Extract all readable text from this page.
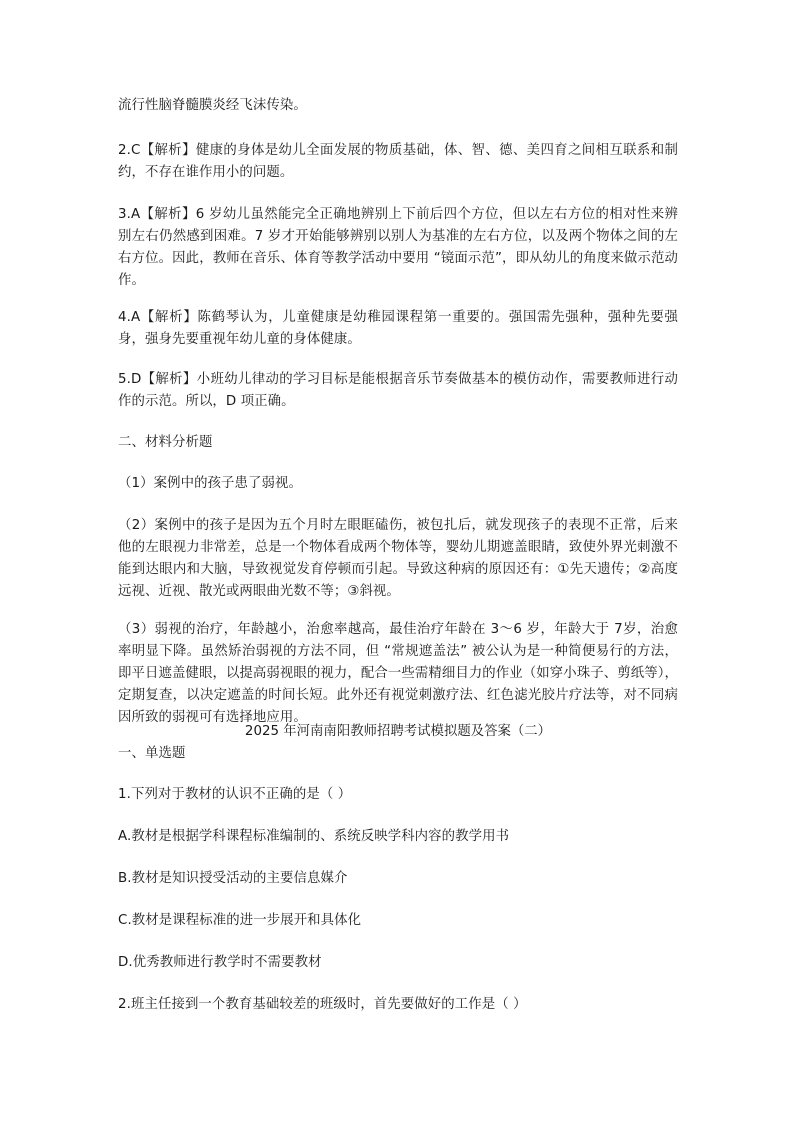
流行性脑脊髓膜炎经飞沫传染。

2.C【解析】健康的身体是幼儿全面发展的物质基础，体、智、德、美四育之间相互联系和制约，不存在谁作用小的问题。

3.A【解析】6 岁幼儿虽然能完全正确地辨别上下前后四个方位，但以左右方位的相对性来辨别左右仍然感到困难。7 岁才开始能够辨别以别人为基准的左右方位，以及两个物体之间的左右方位。因此，教师在音乐、体育等教学活动中要用 “镜面示范”，即从幼儿的角度来做示范动作。

4.A【解析】陈鹤琴认为，儿童健康是幼稚园课程第一重要的。强国需先强种，强种先要强身，强身先要重视年幼儿童的身体健康。

5.D【解析】小班幼儿律动的学习目标是能根据音乐节奏做基本的模仿动作，需要教师进行动作的示范。所以，D 项正确。

二、材料分析题

（1）案例中的孩子患了弱视。

（2）案例中的孩子是因为五个月时左眼眶磕伤，被包扎后，就发现孩子的表现不正常，后来他的左眼视力非常差，总是一个物体看成两个物体等，婴幼儿期遮盖眼睛，致使外界光刺激不能到达眼内和大脑，导致视觉发育停顿而引起。导致这种病的原因还有：①先天遗传；②高度远视、近视、散光或两眼曲光数不等；③斜视。

（3）弱视的治疗，年龄越小，治愈率越高，最佳治疗年龄在 3～6 岁，年龄大于 7岁，治愈率明显下降。虽然矫治弱视的方法不同，但 “常规遮盖法” 被公认为是一种简便易行的方法，即平日遮盖健眼，以提高弱视眼的视力，配合一些需精细目力的作业（如穿小珠子、剪纸等），定期复查，以决定遮盖的时间长短。此外还有视觉刺激疗法、红色滤光胶片疗法等，对不同病因所致的弱视可有选择地应用。

2025 年河南南阳教师招聘考试模拟题及答案（二）

一、单选题

1.下列对于教材的认识不正确的是（ ）

A.教材是根据学科课程标准编制的、系统反映学科内容的教学用书

B.教材是知识授受活动的主要信息媒介

C.教材是课程标准的进一步展开和具体化

D.优秀教师进行教学时不需要教材

2.班主任接到一个教育基础较差的班级时，首先要做好的工作是（ ）
